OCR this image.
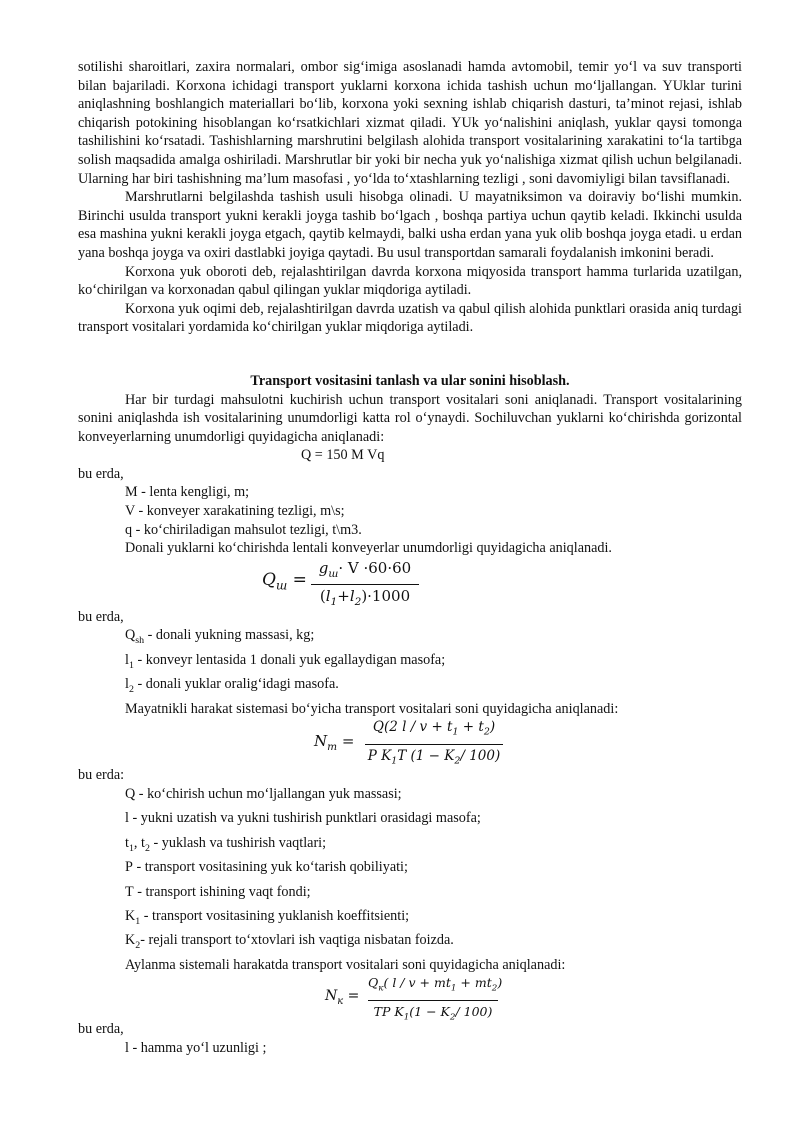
sotilishi sharoitlari, zaxira normalari, ombor sig‘imiga asoslanadi hamda avtomobil, temir yo‘l va suv transporti bilan bajariladi. Korxona ichidagi transport yuklarni korxona ichida tashish uchun mo‘ljallangan. YUklar turini aniqlashning boshlangich materiallari bo‘lib, korxona yoki sexning ishlab chiqarish dasturi, ta’minot rejasi, ishlab chiqarish potokining hisoblangan ko‘rsatkichlari xizmat qiladi. YUk yo‘nalishini aniqlash, yuklar qaysi tomonga tashilishini ko‘rsatadi. Tashishlarning marshrutini belgilash alohida transport vositalarining xarakatini to‘la tartibga solish maqsadida amalga oshiriladi. Marshrutlar bir yoki bir necha yuk yo‘nalishiga xizmat qilish uchun belgilanadi. Ularning har biri tashishning ma’lum masofasi , yo‘lda to‘xtashlarning tezligi , soni davomiyligi bilan tavsiflanadi.

Marshrutlarni belgilashda tashish usuli hisobga olinadi. U mayatniksimon va doiraviy bo‘lishi mumkin. Birinchi usulda transport yukni kerakli joyga tashib bo‘lgach , boshqa partiya uchun qaytib keladi. Ikkinchi usulda esa mashina yukni kerakli joyga etgach, qaytib kelmaydi, balki usha erdan yana yuk olib boshqa joyga etadi. u erdan yana boshqa joyga va oxiri dastlabki joyiga qaytadi. Bu usul transportdan samarali foydalanish imkonini beradi.

Korxona yuk oboroti deb, rejalashtirilgan davrda korxona miqyosida transport hamma turlarida uzatilgan, ko‘chirilgan va korxonadan qabul qilingan yuklar miqdoriga aytiladi.

Korxona yuk oqimi deb, rejalashtirilgan davrda uzatish va qabul qilish alohida punktlari orasida aniq turdagi transport vositalari yordamida ko‘chirilgan yuklar miqdoriga aytiladi.

Transport vositasini tanlash va ular sonini hisoblash.

Har bir turdagi mahsulotni kuchirish uchun transport vositalari soni aniqlanadi. Transport vositalarining sonini aniqlashda ish vositalarining unumdorligi katta rol o‘ynaydi. Sochiluvchan yuklarni ko‘chirishda gorizontal konveyerlarning unumdorligi quyidagicha aniqlanadi:

Q = 150 M Vq

bu erda,

M - lenta kengligi, m;

V - konveyer xarakatining tezligi, m\s;

q - ko‘chiriladigan mahsulot tezligi, t\m3.

Donali yuklarni ko‘chirishda lentali konveyerlar unumdorligi quyidagicha aniqlanadi.

$Q_ш$ =
$g_ш\cdot V \cdot 60\cdot 60$
$(l_1+l_2)\cdot 1000$

bu erda,

$Q_{sh}$ - donali yukning massasi, kg;

$l_1$ - konveyr lentasida 1 donali yuk egallaydigan masofa;

$l_2$ - donali yuklar oralig‘idagi masofa.

Mayatnikli harakat sistemasi bo‘yicha transport vositalari soni quyidagicha aniqlanadi:

$N_m$ =
Q(2 $l / v + t_1 + t_2$)
P $K_1T$ ($1 - K_2/$ 100)

bu erda:

Q - ko‘chirish uchun mo‘ljallangan yuk massasi;

l - yukni uzatish va yukni tushirish punktlari orasidagi masofa;

$t_1$, $t_2$ - yuklash va tushirish vaqtlari;

P - transport vositasining yuk ko‘tarish qobiliyati;

T - transport ishining vaqt fondi;

$K_1$ - transport vositasining yuklanish koeffitsienti;

$K_2-$ rejali transport to‘xtovlari ish vaqtiga nisbatan foizda.

Aylanma sistemali harakatda transport vositalari soni quyidagicha aniqlanadi:

$N_к$ =
$Q_к$( $l / v + mt_1 + mt_2$)
TP $K_1(1 - K_2/$ 100)

bu erda,

l - hamma yo‘l uzunligi ;
